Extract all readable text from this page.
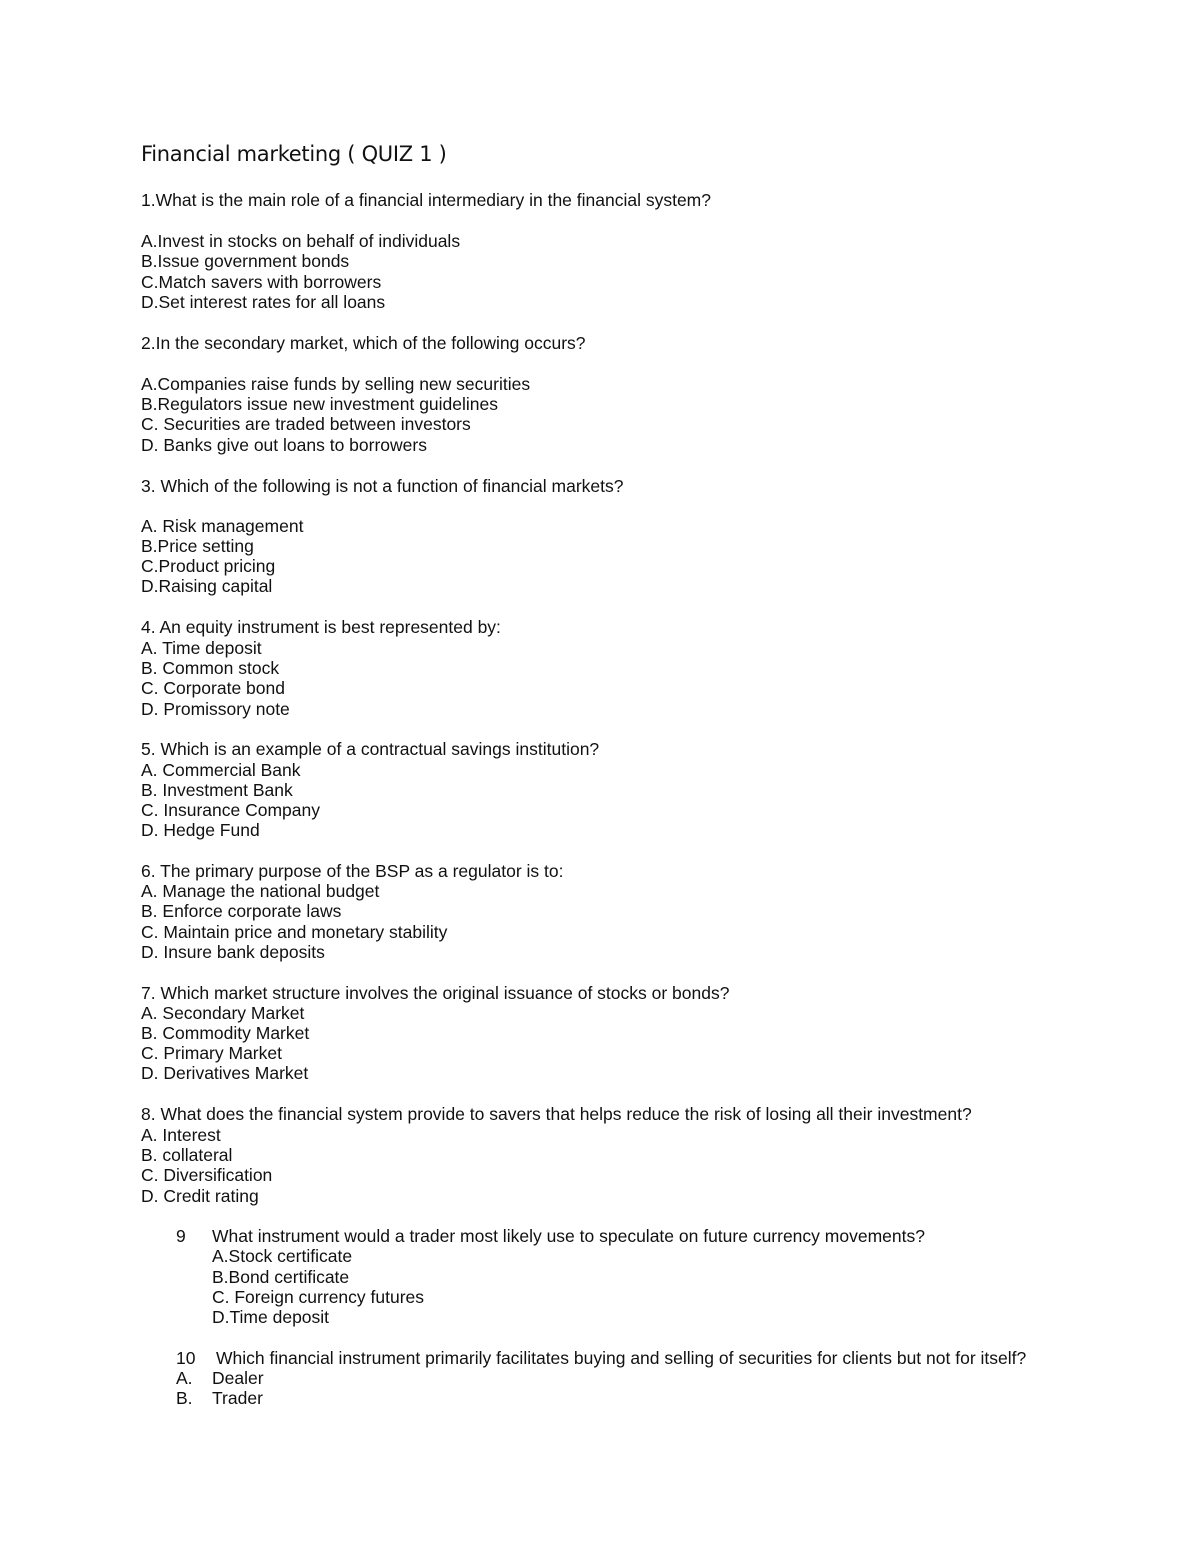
Financial marketing ( QUIZ 1 )
1.What is the main role of a financial intermediary in the financial system?
A.Invest in stocks on behalf of individuals
B.Issue government bonds
C.Match savers with borrowers
D.Set interest rates for all loans
2.In the secondary market, which of the following occurs?
A.Companies raise funds by selling new securities
B.Regulators issue new investment guidelines
C. Securities are traded between investors
D. Banks give out loans to borrowers
3. Which of the following is not a function of financial markets?
A. Risk management
B.Price setting
C.Product pricing
D.Raising capital
4. An equity instrument is best represented by:
A. Time deposit
B. Common stock
C. Corporate bond
D. Promissory note
5. Which is an example of a contractual savings institution?
A. Commercial Bank
B. Investment Bank
C. Insurance Company
D. Hedge Fund
6. The primary purpose of the BSP as a regulator is to:
A. Manage the national budget
B. Enforce corporate laws
C. Maintain price and monetary stability
D. Insure bank deposits
7. Which market structure involves the original issuance of stocks or bonds?
A. Secondary Market
B. Commodity Market
C. Primary Market
D. Derivatives Market
8. What does the financial system provide to savers that helps reduce the risk of losing all their investment?
A. Interest
B. collateral
C. Diversification
D. Credit rating
9 What instrument would a trader most likely use to speculate on future currency movements?
A.Stock certificate
B.Bond certificate
C. Foreign currency futures
D.Time deposit
10 Which financial instrument primarily facilitates buying and selling of securities for clients but not for itself?
A. Dealer
B. Trader
